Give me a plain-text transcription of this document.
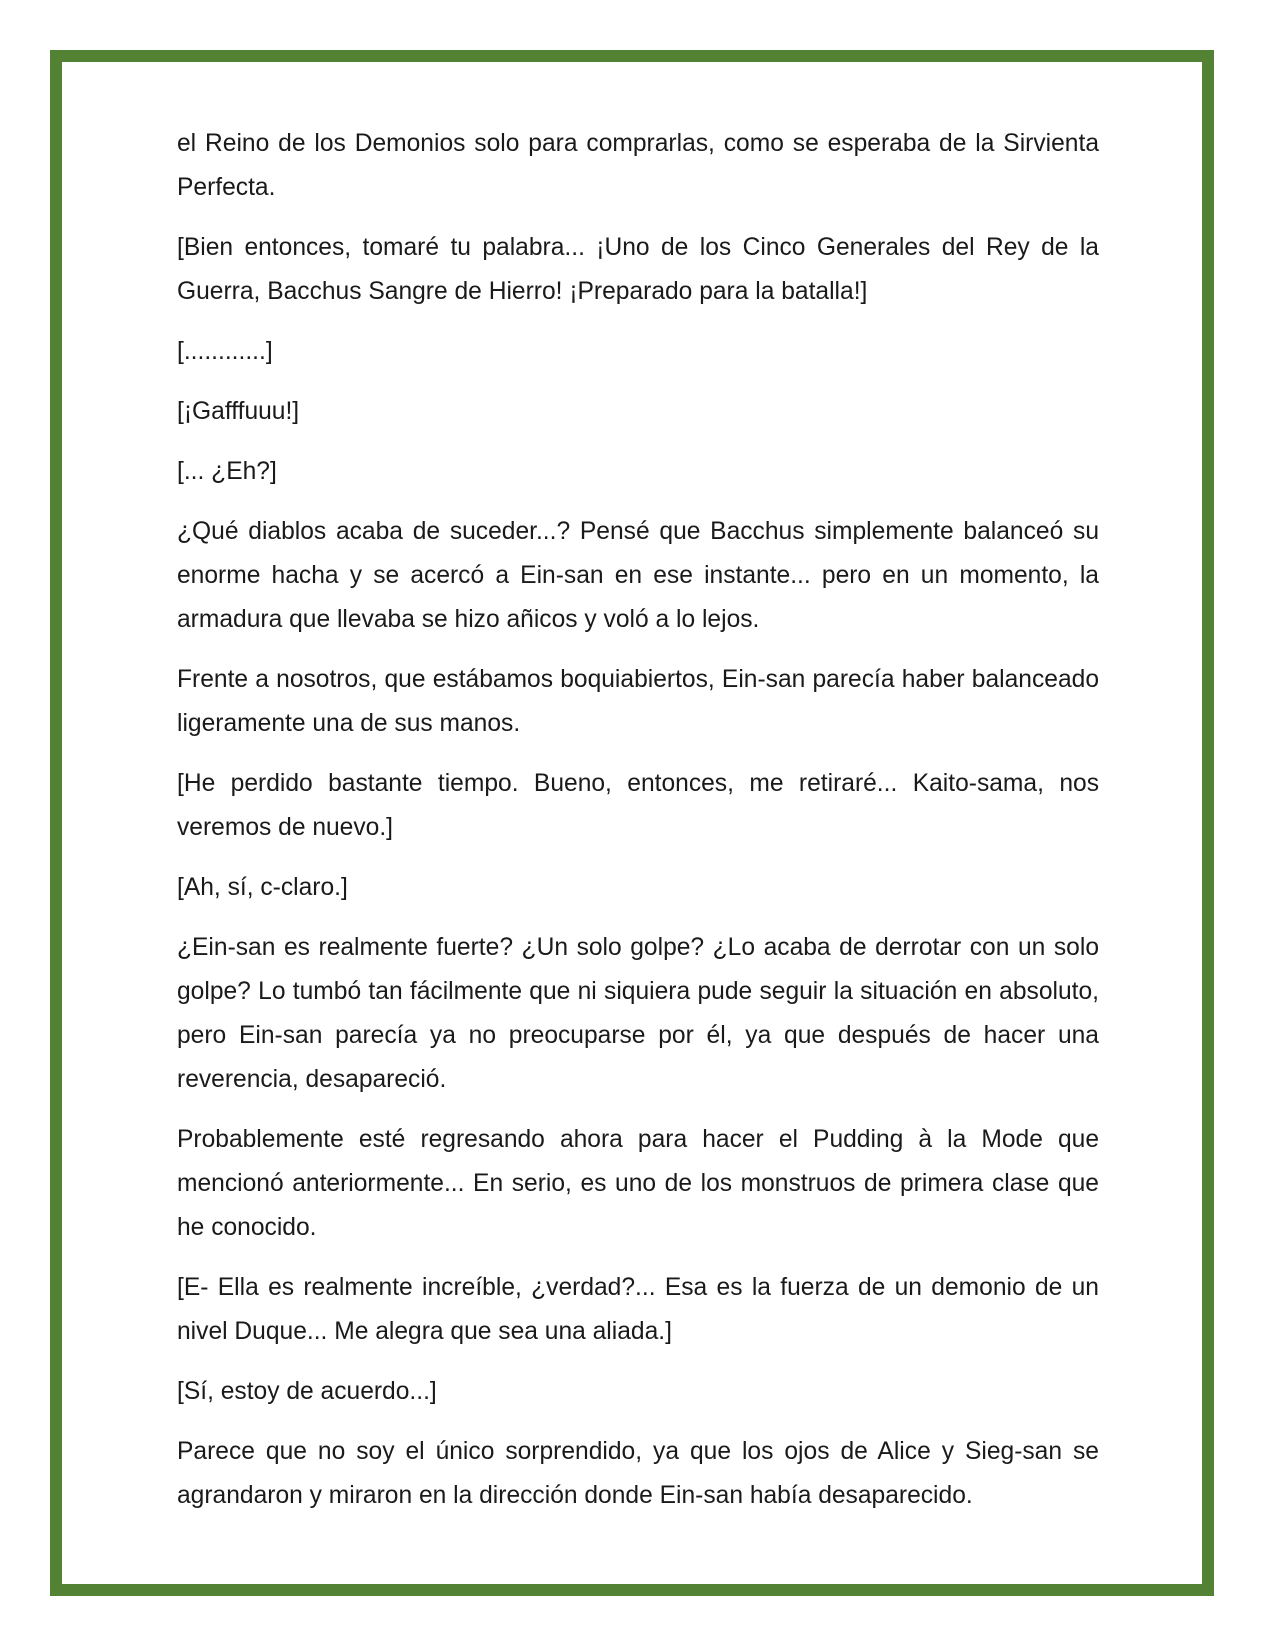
el Reino de los Demonios solo para comprarlas, como se esperaba de la Sirvienta Perfecta.

[Bien entonces, tomaré tu palabra... ¡Uno de los Cinco Generales del Rey de la Guerra, Bacchus Sangre de Hierro! ¡Preparado para la batalla!]

[............]

[¡Gafffuuu!]

[... ¿Eh?]

¿Qué diablos acaba de suceder...? Pensé que Bacchus simplemente balanceó su enorme hacha y se acercó a Ein-san en ese instante... pero en un momento, la armadura que llevaba se hizo añicos y voló a lo lejos.

Frente a nosotros, que estábamos boquiabiertos, Ein-san parecía haber balanceado ligeramente una de sus manos.

[He perdido bastante tiempo. Bueno, entonces, me retiraré... Kaito-sama, nos veremos de nuevo.]

[Ah, sí, c-claro.]

¿Ein-san es realmente fuerte? ¿Un solo golpe? ¿Lo acaba de derrotar con un solo golpe? Lo tumbó tan fácilmente que ni siquiera pude seguir la situación en absoluto, pero Ein-san parecía ya no preocuparse por él, ya que después de hacer una reverencia, desapareció.

Probablemente esté regresando ahora para hacer el Pudding à la Mode que mencionó anteriormente... En serio, es uno de los monstruos de primera clase que he conocido.

[E- Ella es realmente increíble, ¿verdad?... Esa es la fuerza de un demonio de un nivel Duque... Me alegra que sea una aliada.]

[Sí, estoy de acuerdo...]

Parece que no soy el único sorprendido, ya que los ojos de Alice y Sieg-san se agrandaron y miraron en la dirección donde Ein-san había desaparecido.
